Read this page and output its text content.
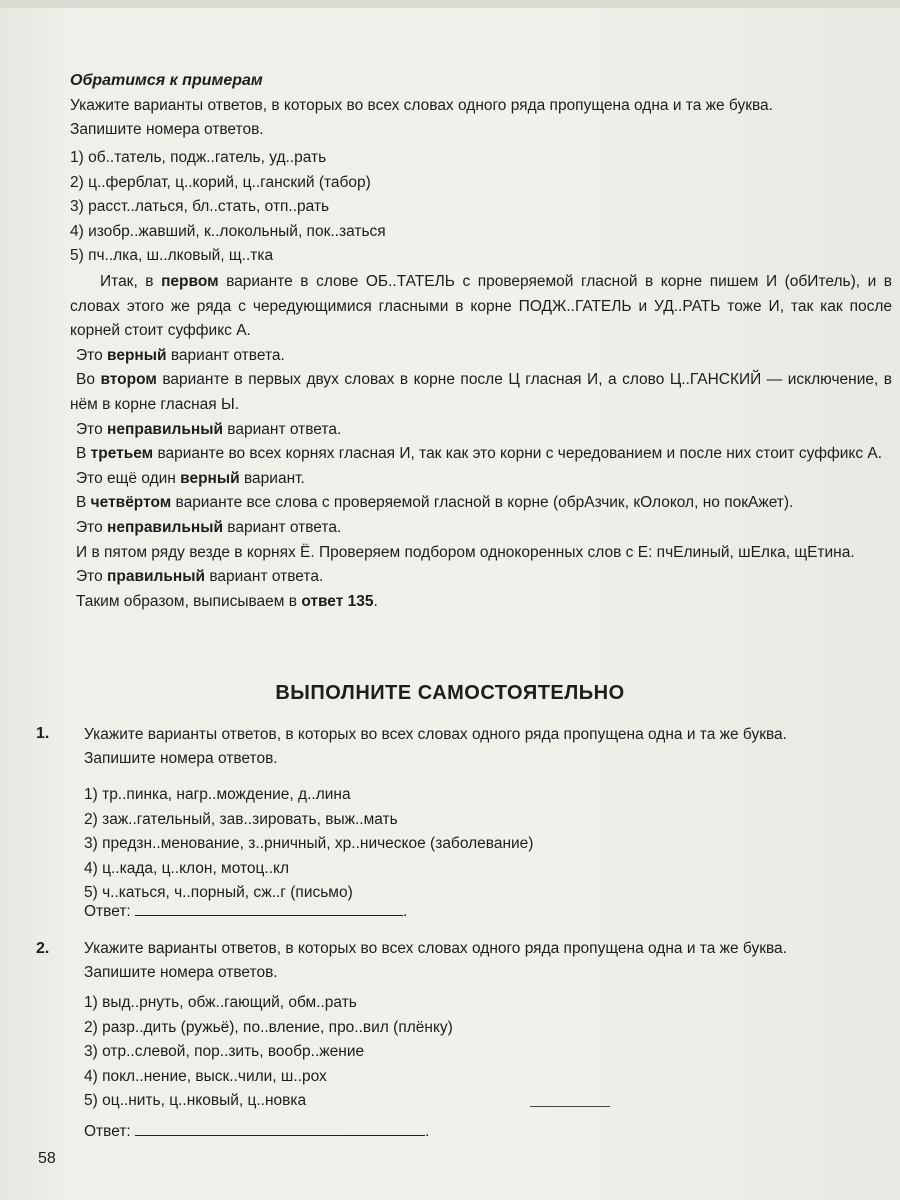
Обратимся к примерам
Укажите варианты ответов, в которых во всех словах одного ряда пропущена одна и та же буква.
Запишите номера ответов.
1) об..татель, подж..гатель, уд..рать
2) ц..ферблат, ц..корий, ц..ганский (табор)
3) расст..латься, бл..стать, отп..рать
4) изобр..жавший, к..локольный, пок..заться
5) пч..лка, ш..лковый, щ..тка

Итак, в первом варианте в слове ОБ..ТАТЕЛЬ с проверяемой гласной в корне пишем И (обИтель), и в словах этого же ряда с чередующимися гласными в корне ПОДЖ..ГАТЕЛЬ и УД..РАТЬ тоже И, так как после корней стоит суффикс А.

Это верный вариант ответа.

Во втором варианте в первых двух словах в корне после Ц гласная И, а слово Ц..ГАНСКИЙ — исключение, в нём в корне гласная Ы.

Это неправильный вариант ответа.

В третьем варианте во всех корнях гласная И, так как это корни с чередованием и после них стоит суффикс А.

Это ещё один верный вариант.

В четвёртом варианте все слова с проверяемой гласной в корне (обрАзчик, кОлокол, но покАжет).

Это неправильный вариант ответа.

И в пятом ряду везде в корнях Ё. Проверяем подбором однокоренных слов с Е: пчЕлиный, шЕлка, щЕтина.

Это правильный вариант ответа.

Таким образом, выписываем в ответ 135.

ВЫПОЛНИТЕ САМОСТОЯТЕЛЬНО
1. Укажите варианты ответов, в которых во всех словах одного ряда пропущена одна и та же буква.
Запишите номера ответов.
1) тр..пинка, нагр..мождение, д..лина
2) заж..гательный, зав..зировать, выж..мать
3) предзн..менование, з..рничный, хр..ническое (заболевание)
4) ц..када, ц..клон, мотоц..кл
5) ч..каться, ч..порный, сж..г (письмо)
Ответ:	.
2. Укажите варианты ответов, в которых во всех словах одного ряда пропущена одна и та же буква.
Запишите номера ответов.
1) выд..рнуть, обж..гающий, обм..рать
2) разр..дить (ружьё), по..вление, про..вил (плёнку)
3) отр..слевой, пор..зить, вообр..жение
4) покл..нение, выск..чили, ш..рох
5) оц..нить, ц..нковый, ц..новка
Ответ:	.
58
